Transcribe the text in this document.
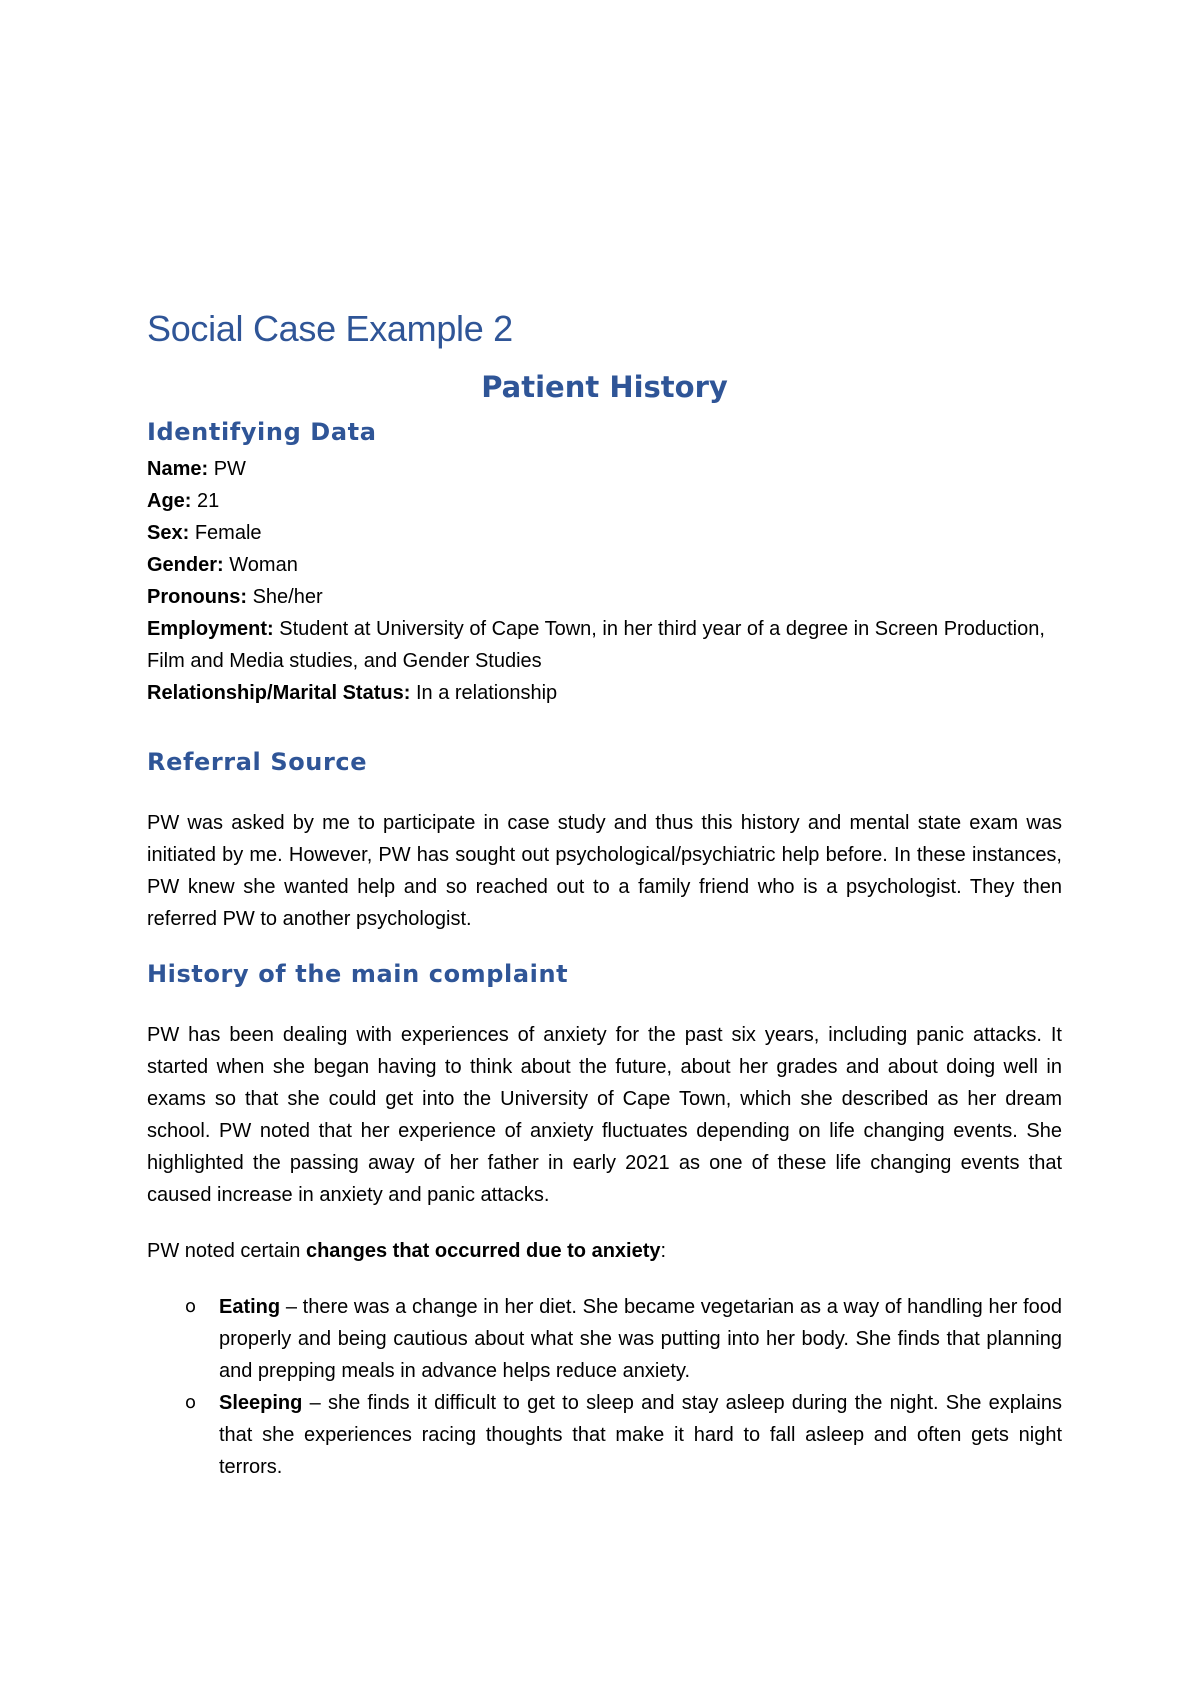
Social Case Example 2
Patient History
Identifying Data

Name: PW

Age: 21

Sex: Female

Gender: Woman

Pronouns: She/her

Employment: Student at University of Cape Town, in her third year of a degree in Screen Production, Film and Media studies, and Gender Studies

Relationship/Marital Status: In a relationship

Referral Source

PW was asked by me to participate in case study and thus this history and mental state exam was initiated by me. However, PW has sought out psychological/psychiatric help before. In these instances, PW knew she wanted help and so reached out to a family friend who is a psychologist. They then referred PW to another psychologist.

History of the main complaint

PW has been dealing with experiences of anxiety for the past six years, including panic attacks. It started when she began having to think about the future, about her grades and about doing well in exams so that she could get into the University of Cape Town, which she described as her dream school. PW noted that her experience of anxiety fluctuates depending on life changing events. She highlighted the passing away of her father in early 2021 as one of these life changing events that caused increase in anxiety and panic attacks.

PW noted certain changes that occurred due to anxiety:

o Eating – there was a change in her diet. She became vegetarian as a way of handling her food properly and being cautious about what she was putting into her body. She finds that planning and prepping meals in advance helps reduce anxiety.
o Sleeping – she finds it difficult to get to sleep and stay asleep during the night. She explains that she experiences racing thoughts that make it hard to fall asleep and often gets night terrors.
